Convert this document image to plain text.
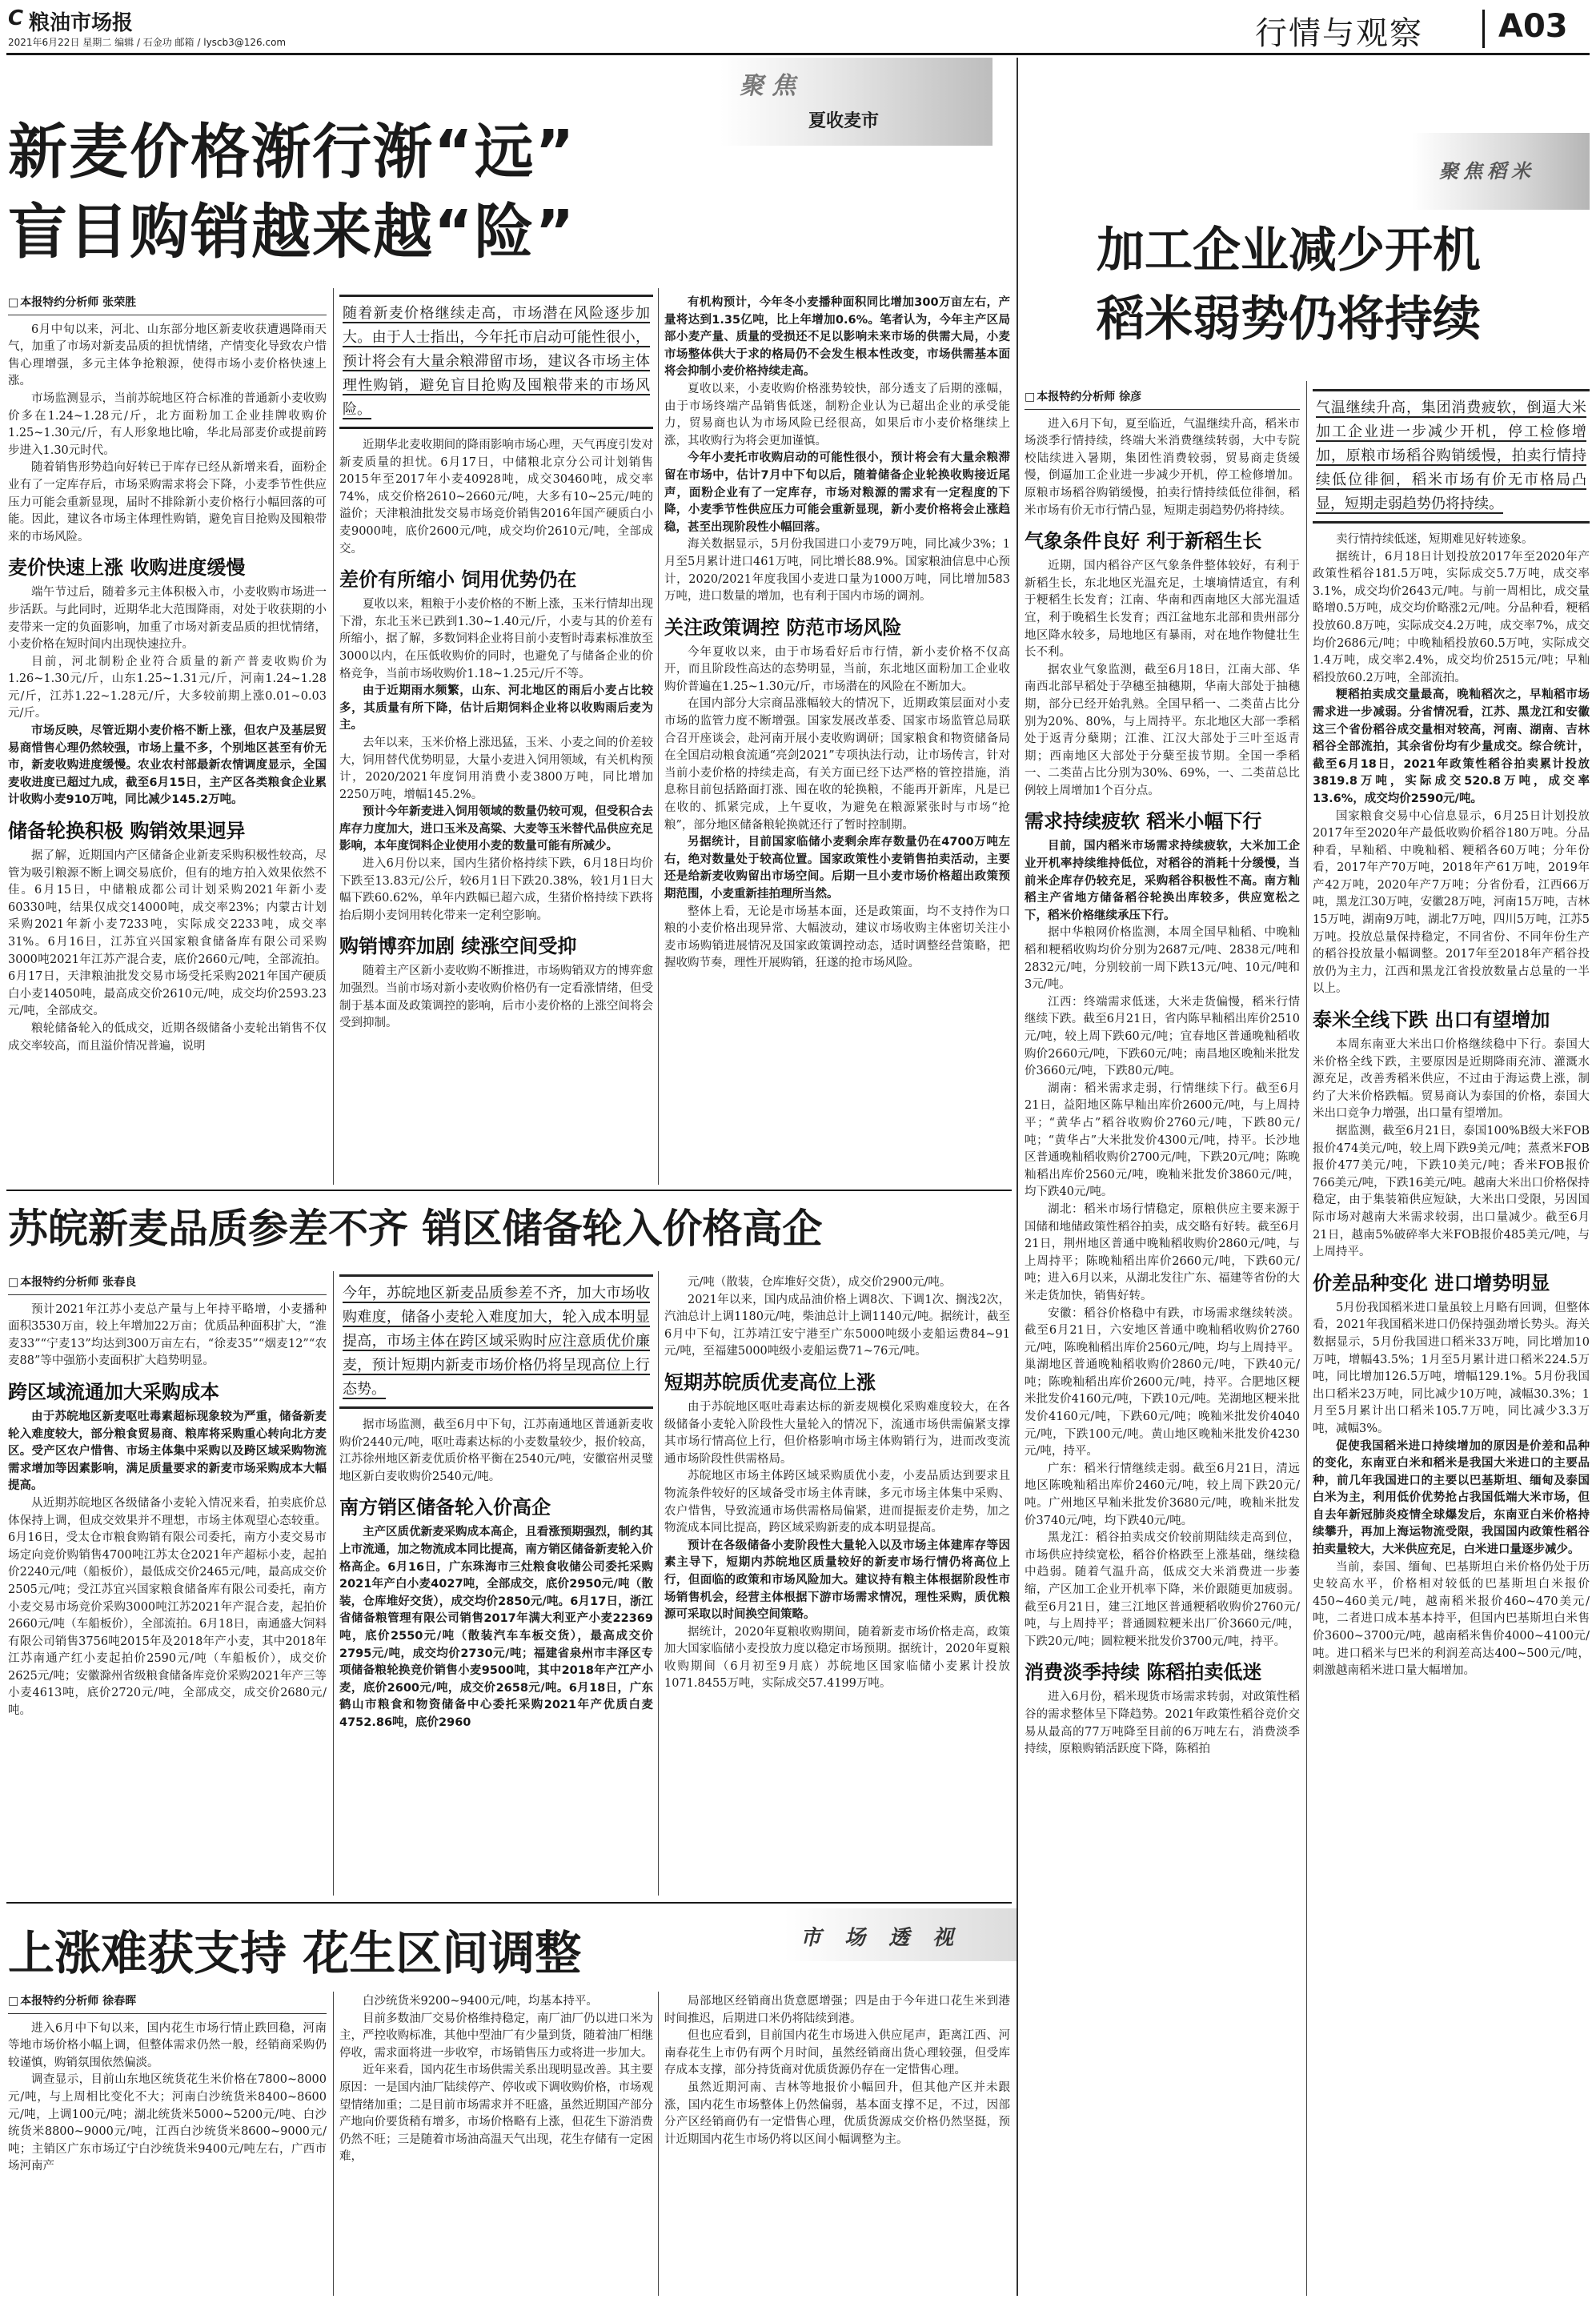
C 粮油市场报
2021年6月22日 星期二 编辑 / 石金功 邮箱 / lyscb3@126.com	行情与观察 A03
聚焦
夏收麦市
新麦价格渐行渐“远”
盲目购销越来越“险”
□ 本报特约分析师 张荣胜

6月中旬以来，河北、山东部分地区新麦收获遭遇降雨天气，加重了市场对新麦品质的担忧情绪，产情变化导致农户惜售心理增强，多元主体争抢粮源，使得市场小麦价格快速上涨。

市场监测显示，当前苏皖地区符合标准的普通新小麦收购价多在1.24~1.28元/斤，北方面粉加工企业挂牌收购价1.25~1.30元/斤，有人形象地比喻，华北局部麦价或提前跨步进入1.30元时代。

随着销售形势趋向好转已于库存已经从新增来看，面粉企业有了一定库存后，市场采购需求将会下降，小麦季节性供应压力可能会重新显现，届时不排除新小麦价格行小幅回落的可能。因此，建议各市场主体理性购销，避免盲目抢购及囤粮带来的市场风险。

麦价快速上涨 收购进度缓慢

端午节过后，随着多元主体积极入市，小麦收购市场进一步活跃。与此同时，近期华北大范围降雨，对处于收获期的小麦带来一定的负面影响，加重了市场对新麦品质的担忧情绪，小麦价格在短时间内出现快速拉升。

目前，河北制粉企业符合质量的新产普麦收购价为1.26~1.30元/斤，山东1.25~1.31元/斤，河南1.24~1.28元/斤，江苏1.22~1.28元/斤，大多较前期上涨0.01~0.03元/斤。

市场反映，尽管近期小麦价格不断上涨，但农户及基层贸易商惜售心理仍然较强，市场上量不多，个别地区甚至有价无市，新麦收购进度缓慢。农业农村部最新农情调度显示，全国麦收进度已超过九成，截至6月15日，主产区各类粮食企业累计收购小麦910万吨，同比减少145.2万吨。

储备轮换积极 购销效果迥异

据了解，近期国内产区储备企业新麦采购积极性较高，尽管为吸引粮源不断上调交易底价，但有的地方拍入效果依然不佳。6月15日，中储粮成都公司计划采购2021年新小麦60330吨，结果仅成交14000吨，成交率23%；内蒙古计划采购2021年新小麦7233吨，实际成交2233吨，成交率31%。6月16日，江苏宜兴国家粮食储备库有限公司采购3000吨2021年江苏产混合麦，底价2660元/吨，全部流拍。6月17日，天津粮油批发交易市场受托采购2021年国产硬质白小麦14050吨，最高成交价2610元/吨，成交均价2593.23元/吨，全部成交。

粮轮储备轮入的低成交，近期各级储备小麦轮出销售不仅成交率较高，而且溢价情况普遍，说明

随着新麦价格继续走高，市场潜在风险逐步加大。由于人士指出，今年托市启动可能性很小，预计将会有大量余粮滞留市场，建议各市场主体理性购销，避免盲目抢购及囤粮带来的市场风险。

近期华北麦收期间的降雨影响市场心理，天气再度引发对新麦质量的担忧。6月17日，中储粮北京分公司计划销售2015年至2017年小麦40928吨，成交30460吨，成交率74%，成交价格2610~2660元/吨，大多有10~25元/吨的溢价；天津粮油批发交易市场竞价销售2016年国产硬质白小麦9000吨，底价2600元/吨，成交均价2610元/吨，全部成交。

差价有所缩小 饲用优势仍在

夏收以来，粗粮于小麦价格的不断上涨，玉米行情却出现下滑，东北玉米已跌到1.30~1.40元/斤，小麦与其的价差有所缩小，据了解，多数饲料企业将目前小麦暂时毒素标准放至3000以内，在压低收购价的同时，也避免了与储备企业的价格竞争，当前市场收购价1.18~1.25元/斤不等。

由于近期雨水频繁，山东、河北地区的雨后小麦占比较多，其质量有所下降，估计后期饲料企业将以收购雨后麦为主。

去年以来，玉米价格上涨迅猛，玉米、小麦之间的价差较大，饲用替代优势明显，大量小麦进入饲用领域，有关机构预计，2020/2021年度饲用消费小麦3800万吨，同比增加2250万吨，增幅145.2%。

预计今年新麦进入饲用领域的数量仍较可观，但受积合去库存力度加大，进口玉米及高粱、大麦等玉米替代品供应充足影响，本年度饲料企业使用小麦的数量可能有所减少。

进入6月份以来，国内生猪价格持续下跌，6月18日均价下跌至13.83元/公斤，较6月1日下跌20.38%，较1月1日大幅下跌60.62%，单年内跌幅已超六成，生猪价格持续下跌将抬后期小麦饲用转化带来一定利空影响。

购销博弈加剧 续涨空间受抑

随着主产区新小麦收购不断推进，市场购销双方的博弈愈加强烈。当前市场对新小麦收购价格仍有一定看涨情绪，但受制于基本面及政策调控的影响，后市小麦价格的上涨空间将会受到抑制。

有机构预计，今年冬小麦播种面积同比增加300万亩左右，产量将达到1.35亿吨，比上年增加0.6%。笔者认为，今年主产区局部小麦产量、质量的受损还不足以影响未来市场的供需大局，小麦市场整体供大于求的格局仍不会发生根本性改变，市场供需基本面将会抑制小麦价格持续走高。

夏收以来，小麦收购价格涨势较快，部分透支了后期的涨幅，由于市场终端产品销售低迷，制粉企业认为已超出企业的承受能力，贸易商也认为市场风险已经很高，如果后市小麦价格继续上涨，其收购行为将会更加谨慎。

今年小麦托市收购启动的可能性很小，预计将会有大量余粮滞留在市场中，估计7月中下旬以后，随着储备企业轮换收购接近尾声，面粉企业有了一定库存，市场对粮源的需求有一定程度的下降，小麦季节性供应压力可能会重新显现，新小麦价格将会止涨趋稳，甚至出现阶段性小幅回落。

海关数据显示，5月份我国进口小麦79万吨，同比减少3%；1月至5月累计进口461万吨，同比增长88.9%。国家粮油信息中心预计，2020/2021年度我国小麦进口量为1000万吨，同比增加583万吨，进口数量的增加，也有利于国内市场的调剂。

关注政策调控 防范市场风险

今年夏收以来，由于市场看好后市行情，新小麦价格不仅高开，而且阶段性高达的态势明显，当前，东北地区面粉加工企业收购价普遍在1.25~1.30元/斤，市场潜在的风险在不断加大。

在国内部分大宗商品涨幅较大的情况下，近期政策层面对小麦市场的监管力度不断增强。国家发展改革委、国家市场监管总局联合召开座谈会，赴河南开展小麦收购调研；国家粮食和物资储备局在全国启动粮食流通“亮剑2021”专项执法行动，让市场传言，针对当前小麦价格的持续走高，有关方面已经下达严格的管控措施，消息称目前包括路面打涨、囤在收的轮换粮，不能再开新库，凡是已在收的、抓紧完成，上午夏收，为避免在粮源紧张时与市场“抢粮”，部分地区储备粮轮换就还行了暂时控制期。

另据统计，目前国家临储小麦剩余库存数量仍在4700万吨左右，绝对数量处于较高位置。国家政策性小麦销售拍卖活动，主要还是给新麦收购留出市场空间。后期一旦小麦市场价格超出政策预期范围，小麦重新挂拍理所当然。

整体上看，无论是市场基本面，还是政策面，均不支持作为口粮的小麦价格出现异常、大幅波动，建议市场收购主体密切关注小麦市场购销进展情况及国家政策调控动态，适时调整经营策略，把握收购节奏，理性开展购销，狂遂的抢市场风险。

苏皖新麦品质参差不齐 销区储备轮入价格高企
□ 本报特约分析师 张春良

预计2021年江苏小麦总产量与上年持平略增，小麦播种面积3530万亩，较上年增加22万亩；优质品种面积扩大，“淮麦33”“宁麦13”均达到300万亩左右，“徐麦35”“烟麦12”“农麦88”等中强筋小麦面积扩大趋势明显。

跨区域流通加大采购成本

由于苏皖地区新麦呕吐毒素超标现象较为严重，储备新麦轮入难度较大，部分粮食贸易商、粮库将采购重心转向北方麦区。受产区农户惜售、市场主体集中采购以及跨区域采购物流需求增加等因素影响，满足质量要求的新麦市场采购成本大幅提高。

从近期苏皖地区各级储备小麦轮入情况来看，拍卖底价总体保持上调，但成交效果并不理想，市场主体观望心态较重。6月16日，受太仓市粮食购销有限公司委托，南方小麦交易市场定向竞价购销售4700吨江苏太仓2021年产超标小麦，起拍价2240元/吨（船板价），最低成交价2465元/吨，最高成交价2505元/吨；受江苏宜兴国家粮食储备库有限公司委托，南方小麦交易市场竞价采购3000吨江苏2021年产混合麦，起拍价2660元/吨（车船板价），全部流拍。6月18日，南通盛大饲料有限公司销售3756吨2015年及2018年产小麦，其中2018年江苏南通产红小麦起拍价2590元/吨（车船板价），成交价2625元/吨；安徽滁州省级粮食储备库竞价采购2021年产三等小麦4613吨，底价2720元/吨，全部成交，成交价2680元/吨。

今年，苏皖地区新麦品质参差不齐，加大市场收购难度，储备小麦轮入难度加大，轮入成本明显提高，市场主体在跨区域采购时应注意质优价廉麦，预计短期内新麦市场价格仍将呈现高位上行态势。

据市场监测，截至6月中下旬，江苏南通地区普通新麦收购价2440元/吨，呕吐毒素达标的小麦数量较少，报价较高，江苏徐州地区新麦优质价格平衡在2540元/吨，安徽宿州灵璧地区新白麦收购价2540元/吨。

南方销区储备轮入价高企

主产区质优新麦采购成本高企，且看涨预期强烈，制约其上市流通，加之物流成本同比提高，南方销区储备新麦轮入价格高企。6月16日，广东珠海市三灶粮食收储公司委托采购2021年产白小麦4027吨，全部成交，底价2950元/吨（散装，仓库堆好交货），成交均价2850元/吨。6月17日，浙江省储备粮管理有限公司销售2017年满大利亚产小麦22369吨，底价2550元/吨（散装汽车车板交货），最高成交价2795元/吨，成交均价2730元/吨；福建省泉州市丰泽区专项储备粮轮换竞价销售小麦9500吨，其中2018年产江产小麦，底价2600元/吨，成交价2658元/吨。6月18日，广东鹤山市粮食和物资储备中心委托采购2021年产优质白麦4752.86吨，底价2960

元/吨（散装，仓库堆好交货），成交价2900元/吨。

2021年以来，国内成品油价格上调8次、下调1次、搁浅2次，汽油总计上调1180元/吨，柴油总计上调1140元/吨。据统计，截至6月中下旬，江苏靖江安宁港至广东5000吨级小麦船运费84~91元/吨，至福建5000吨级小麦船运费71~76元/吨。

短期苏皖质优麦高位上涨

由于苏皖地区呕吐毒素达标的新麦规模化采购难度较大，在各级储备小麦轮入阶段性大量轮入的情况下，流通市场供需偏紧支撑其市场行情高位上行，但价格影响市场主体购销行为，进而改变流通市场阶段性供需格局。

苏皖地区市场主体跨区域采购质优小麦，小麦品质达到要求且物流条件较好的区域备受市场主体青睐，多元市场主体集中采购、农户惜售，导致流通市场供需格局偏紧，进而提振麦价走势，加之物流成本同比提高，跨区域采购新麦的成本明显提高。

预计在各级储备小麦阶段性大量轮入以及市场主体建库存等因素主导下，短期内苏皖地区质量较好的新麦市场行情仍将高位上行，但面临的政策和市场风险加大。建议持有粮主体根据阶段性市场销售机会，经营主体根据下游市场需求情况，理性采购，质优粮源可采取以时间换空间策略。

据统计，2020年夏粮收购期间，随着新麦市场价格走高，政策加大国家临储小麦投放力度以稳定市场预期。据统计，2020年夏粮收购期间（6月初至9月底）苏皖地区国家临储小麦累计投放1071.8455万吨，实际成交57.4199万吨。

市 场 透 视
上涨难获支持 花生区间调整
□ 本报特约分析师 徐春晖

进入6月中下旬以来，国内花生市场行情止跌回稳，河南等地市场价格小幅上调，但整体需求仍然一般，经销商采购仍较谨慎，购销氛围依然偏淡。

调查显示，目前山东地区统货花生米价格在7800~8000元/吨，与上周相比变化不大；河南白沙统货米8400~8600元/吨，上调100元/吨；湖北统货米5000~5200元/吨、白沙统货米8800~9000元/吨，江西白沙统货米8600~9000元/吨；主销区广东市场辽宁白沙统货米9400元/吨左右，广西市场河南产

白沙统货米9200~9400元/吨，均基本持平。

目前多数油厂交易价格维持稳定，南厂油厂仍以进口米为主，严控收购标准，其他中型油厂有少量到货，随着油厂相继停收，需求面将进一步收窄，市场销售压力或将进一步加大。

近年来看，国内花生市场供需关系出现明显改善。其主要原因：一是国内油厂陆续停产、停收或下调收购价格，市场观望情绪加重；二是目前市场需求并不旺盛，虽然近期国产部分产地向价要货稍有增多，市场价格略有上涨，但花生下游消费仍然不旺；三是随着市场油高温天气出现，花生存储有一定困难，

局部地区经销商出货意愿增强；四是由于今年进口花生米到港时间推迟，后期进口米仍将陆续到港。

但也应看到，目前国内花生市场进入供应尾声，距离江西、河南春花生上市仍有两个月时间，虽然经销商出货心理较强，但受库存成本支撑，部分持货商对优质货源仍存在一定惜售心理。

虽然近期河南、吉林等地报价小幅回升，但其他产区并未跟涨，国内花生市场整体上仍然偏弱，基本面支撑不足，不过，因部分产区经销商仍有一定惜售心理，优质货源成交价格仍然坚挺，预计近期国内花生市场仍将以区间小幅调整为主。

聚焦稻米
加工企业减少开机
稻米弱势仍将持续
□ 本报特约分析师 徐彦

进入6月下旬，夏至临近，气温继续升高，稻米市场淡季行情持续，终端大米消费继续转弱，大中专院校陆续进入暑期，集团性消费较弱，贸易商走货缓慢，倒逼加工企业进一步减少开机，停工检修增加。原粮市场稻谷购销缓慢，拍卖行情持续低位徘徊，稻米市场有价无市行情凸显，短期走弱趋势仍将持续。

气象条件良好 利于新稻生长

近期，国内稻谷产区气象条件整体较好，有利于新稻生长，东北地区光温充足，土壤墒情适宜，有利于粳稻生长发育；江南、华南和西南地区大部光温适宜，利于晚稻生长发育；西江盆地东北部和贵州部分地区降水较多，局地地区有暴雨，对在地作物健壮生长不利。

据农业气象监测，截至6月18日，江南大部、华南西北部早稻处于孕穗至抽穗期，华南大部处于抽穗期，部分已经开始乳熟。全国早稻一、二类苗占比分别为20%、80%，与上周持平。东北地区大部一季稻处于返青分蘖期；江淮、江汉大部处于三叶至返青期；西南地区大部处于分蘖至拔节期。全国一季稻一、二类苗占比分别为30%、69%，一、二类苗总比例较上周增加1个百分点。

需求持续疲软 稻米小幅下行

目前，国内稻米市场需求持续疲软，大米加工企业开机率持续维持低位，对稻谷的消耗十分缓慢，当前米企库存仍较充足，采购稻谷积极性不高。南方籼稻主产省地方储备稻谷轮换出库较多，供应宽松之下，稻米价格继续承压下行。

据中华粮网价格监测，本周全国早籼稻、中晚籼稻和粳稻收购均价分别为2687元/吨、2838元/吨和2832元/吨，分别较前一周下跌13元/吨、10元/吨和3元/吨。

江西：终端需求低迷，大米走货偏慢，稻米行情继续下跌。截至6月21日，省内陈早籼稻出库价2510元/吨，较上周下跌60元/吨；宜春地区普通晚籼稻收购价2660元/吨，下跌60元/吨；南昌地区晚籼米批发价3660元/吨，下跌80元/吨。

湖南：稻米需求走弱，行情继续下行。截至6月21日，益阳地区陈早籼出库价2600元/吨，与上周持平；“黄华占”稻谷收购价2760元/吨，下跌80元/吨；“黄华占”大米批发价4300元/吨，持平。长沙地区普通晚籼稻收购价2700元/吨，下跌20元/吨；陈晚籼稻出库价2560元/吨，晚籼米批发价3860元/吨，均下跌40元/吨。

湖北：稻米市场行情稳定，原粮供应主要来源于国储和地储政策性稻谷拍卖，成交略有好转。截至6月21日，荆州地区普通中晚籼稻收购价2860元/吨，与上周持平；陈晚籼稻出库价2660元/吨，下跌60元/吨；进入6月以来，从湖北发往广东、福建等省份的大米走货加快，销售好转。

安徽：稻谷价格稳中有跌，市场需求继续转淡。截至6月21日，六安地区普通中晚籼稻收购价2760元/吨，陈晚籼稻出库价2560元/吨，均与上周持平。巢湖地区普通晚籼稻收购价2860元/吨，下跌40元/吨；陈晚籼稻出库价2600元/吨，持平。合肥地区粳米批发价4160元/吨，下跌10元/吨。芜湖地区粳米批发价4160元/吨，下跌60元/吨；晚籼米批发价4040元/吨，下跌100元/吨。黄山地区晚籼米批发价4230元/吨，持平。

广东：稻米行情继续走弱。截至6月21日，清远地区陈晚籼稻出库价2460元/吨，较上周下跌20元/吨。广州地区早籼米批发价3680元/吨，晚籼米批发价3740元/吨，均下跌40元/吨。

黑龙江：稻谷拍卖成交价较前期陆续走高到位，市场供应持续宽松，稻谷价格跌至上涨基础，继续稳中趋弱。随着气温升高，低成交大米消费进一步萎缩，产区加工企业开机率下降，米价跟随更加疲弱。截至6月21日，建三江地区普通粳稻收购价2760元/吨，与上周持平；普通圆粒粳米出厂价3660元/吨，下跌20元/吨；圆粒粳米批发价3700元/吨，持平。

消费淡季持续 陈稻拍卖低迷

进入6月份，稻米现货市场需求转弱，对政策性稻谷的需求整体呈下降趋势。2021年政策性稻谷竞价交易从最高的77万吨降至目前的6万吨左右，消费淡季持续，原粮购销活跃度下降，陈稻拍

气温继续升高，集团消费疲软，倒逼大米加工企业进一步减少开机，停工检修增加，原粮市场稻谷购销缓慢，拍卖行情持续低位徘徊，稻米市场有价无市格局凸显，短期走弱趋势仍将持续。

卖行情持续低迷，短期难见好转迹象。

据统计，6月18日计划投放2017年至2020年产政策性稻谷181.5万吨，实际成交5.7万吨，成交率3.1%，成交均价2643元/吨。与前一周相比，成交量略增0.5万吨，成交均价略涨2元/吨。分品种看，粳稻投放60.8万吨，实际成交4.2万吨，成交率7%，成交均价2686元/吨；中晚籼稻投放60.5万吨，实际成交1.4万吨，成交率2.4%，成交均价2515元/吨；早籼稻投放60.2万吨，全部流拍。

粳稻拍卖成交量最高，晚籼稻次之，早籼稻市场需求进一步减弱。分省情况看，江苏、黑龙江和安徽这三个省份稻谷成交量相对较高，河南、湖南、吉林稻谷全部流拍，其余省份均有少量成交。综合统计，截至6月18日，2021年政策性稻谷拍卖累计投放3819.8万吨，实际成交520.8万吨，成交率13.6%，成交均价2590元/吨。

国家粮食交易中心信息显示，6月25日计划投放2017年至2020年产最低收购价稻谷180万吨。分品种看，早籼稻、中晚籼稻、粳稻各60万吨；分年份看，2017年产70万吨，2018年产61万吨，2019年产42万吨，2020年产7万吨；分省份看，江西66万吨，黑龙江30万吨，安徽28万吨，河南15万吨，吉林15万吨，湖南9万吨，湖北7万吨，四川5万吨，江苏5万吨。投放总量保持稳定，不同省份、不同年份生产的稻谷投放量小幅调整。2017年至2018年产稻谷投放仍为主力，江西和黑龙江省投放数量占总量的一半以上。

泰米全线下跌 出口有望增加

本周东南亚大米出口价格继续稳中下行。泰国大米价格全线下跌，主要原因是近期降雨充沛、灌溉水源充足，改善秀稻米供应，不过由于海运费上涨，制约了大米价格跌幅。贸易商认为泰国的价格，泰国大米出口竞争力增强，出口量有望增加。

据监测，截至6月21日，泰国100%B级大米FOB报价474美元/吨，较上周下跌9美元/吨；蒸煮米FOB报价477美元/吨，下跌10美元/吨；香米FOB报价766美元/吨，下跌16美元/吨。越南大米出口价格保持稳定，由于集装箱供应短缺，大米出口受限，另因国际市场对越南大米需求较弱，出口量减少。截至6月21日，越南5%破碎率大米FOB报价485美元/吨，与上周持平。

价差品种变化 进口增势明显

5月份我国稻米进口量虽较上月略有回调，但整体看，2021年我国稻米进口仍保持强劲增长势头。海关数据显示，5月份我国进口稻米33万吨，同比增加10万吨，增幅43.5%；1月至5月累计进口稻米224.5万吨，同比增加126.5万吨，增幅129.1%。5月份我国出口稻米23万吨，同比减少10万吨，减幅30.3%；1月至5月累计出口稻米105.7万吨，同比减少3.3万吨，减幅3%。

促使我国稻米进口持续增加的原因是价差和品种的变化，东南亚白米和稻米是我国大米进口的主要品种，前几年我国进口的主要以巴基斯坦、缅甸及泰国白米为主，利用低价优势抢占我国低端大米市场，但自去年新冠肺炎疫情全球爆发后，东南亚白米价格持续攀升，再加上海运物流受限，我国国内政策性稻谷拍卖量较大，大米供应充足，白米进口量逐步减少。

当前，泰国、缅甸、巴基斯坦白米价格仍处于历史较高水平，价格相对较低的巴基斯坦白米报价450~460美元/吨，越南稻米报价460~470美元/吨，二者进口成本基本持平，但国内巴基斯坦白米售价3600~3700元/吨，越南稻米售价4000~4100元/吨。进口稻米与巴米的利润差高达400~500元/吨，刺激越南稻米进口量大幅增加。
